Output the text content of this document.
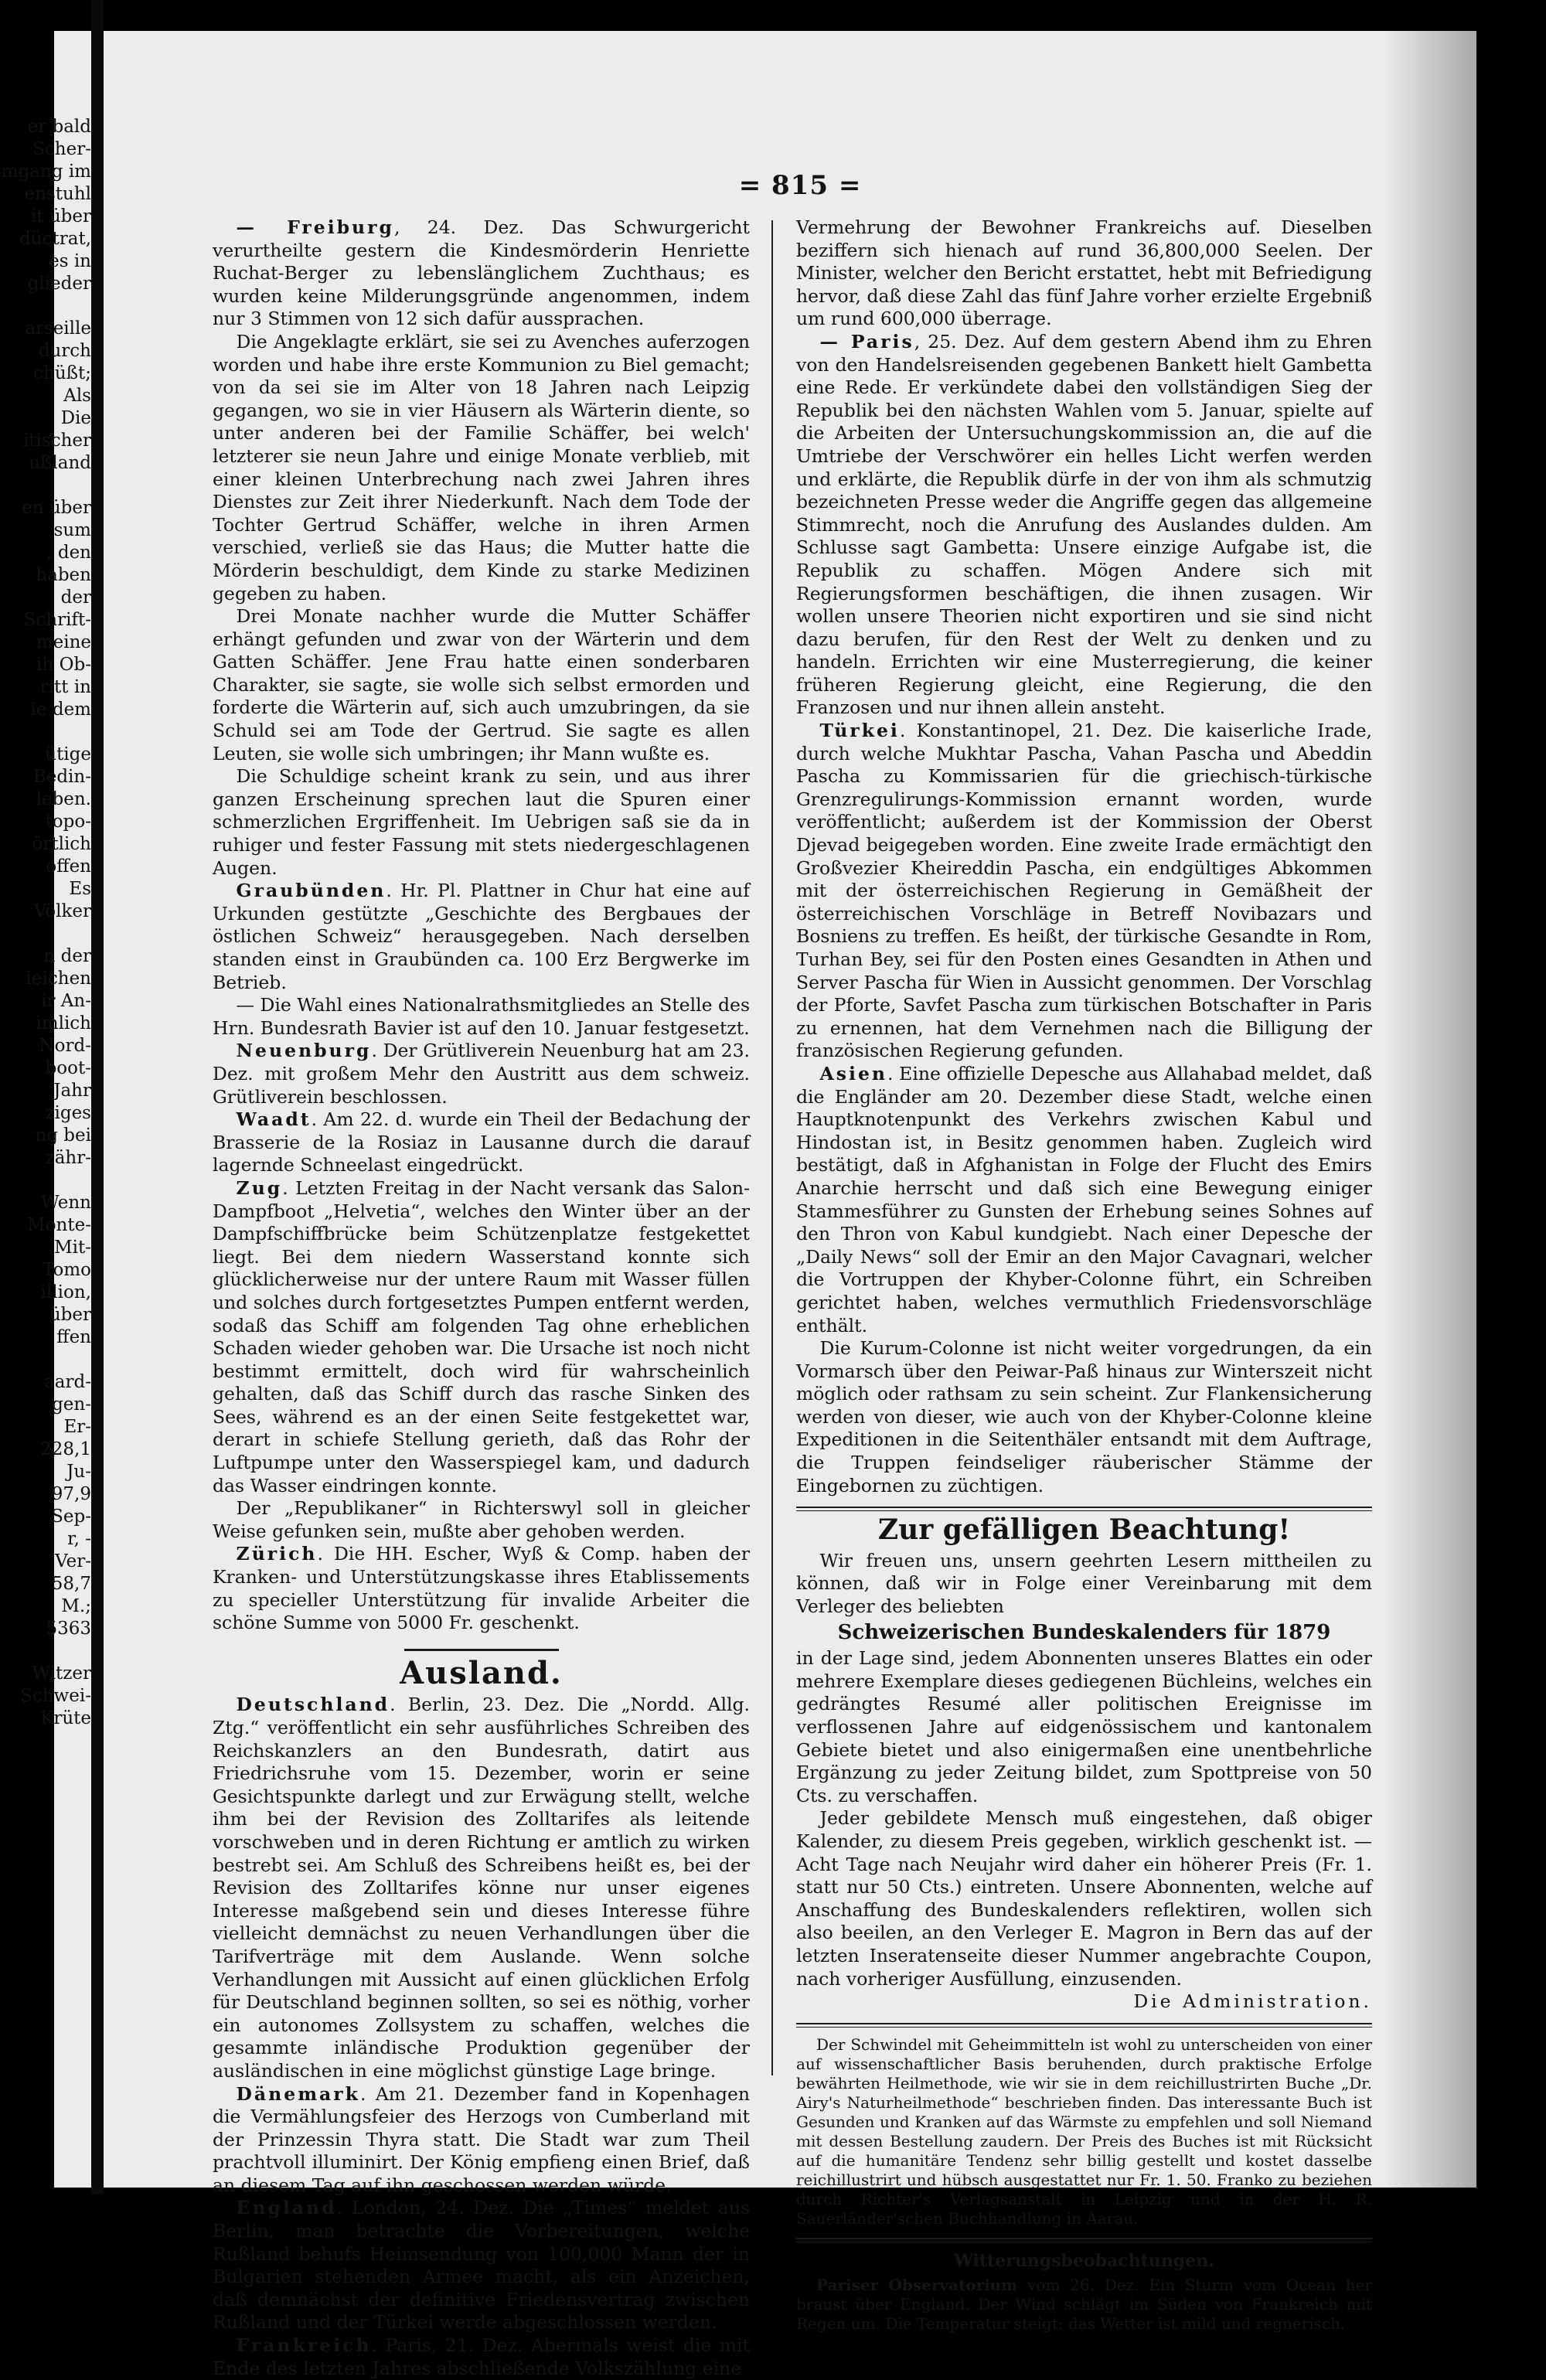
= 815 =

— Freiburg, 24. Dez. Das Schwurgericht verurtheilte gestern die Kindesmörderin Henriette Ruchat-Berger zu lebenslänglichem Zuchthaus; es wurden keine Milderungsgründe angenommen, indem nur 3 Stimmen von 12 sich dafür aussprachen.

Die Angeklagte erklärt, sie sei zu Avenches auferzogen worden und habe ihre erste Kommunion zu Biel gemacht; von da sei sie im Alter von 18 Jahren nach Leipzig gegangen, wo sie in vier Häusern als Wärterin diente, so unter anderen bei der Familie Schäffer, bei welch' letzterer sie neun Jahre und einige Monate verblieb, mit einer kleinen Unterbrechung nach zwei Jahren ihres Dienstes zur Zeit ihrer Niederkunft. Nach dem Tode der Tochter Gertrud Schäffer, welche in ihren Armen verschied, verließ sie das Haus; die Mutter hatte die Mörderin beschuldigt, dem Kinde zu starke Medizinen gegeben zu haben.

Drei Monate nachher wurde die Mutter Schäffer erhängt gefunden und zwar von der Wärterin und dem Gatten Schäffer. Jene Frau hatte einen sonderbaren Charakter, sie sagte, sie wolle sich selbst ermorden und forderte die Wärterin auf, sich auch umzubringen, da sie Schuld sei am Tode der Gertrud. Sie sagte es allen Leuten, sie wolle sich umbringen; ihr Mann wußte es.

Die Schuldige scheint krank zu sein, und aus ihrer ganzen Erscheinung sprechen laut die Spuren einer schmerzlichen Ergriffenheit. Im Uebrigen saß sie da in ruhiger und fester Fassung mit stets niedergeschlagenen Augen.

Graubünden. Hr. Pl. Plattner in Chur hat eine auf Urkunden gestützte „Geschichte des Bergbaues der östlichen Schweiz“ herausgegeben. Nach derselben standen einst in Graubünden ca. 100 Erz Bergwerke im Betrieb.

— Die Wahl eines Nationalrathsmitgliedes an Stelle des Hrn. Bundesrath Bavier ist auf den 10. Januar festgesetzt.

Neuenburg. Der Grütliverein Neuenburg hat am 23. Dez. mit großem Mehr den Austritt aus dem schweiz. Grütliverein beschlossen.

Waadt. Am 22. d. wurde ein Theil der Bedachung der Brasserie de la Rosiaz in Lausanne durch die darauf lagernde Schneelast eingedrückt.

Zug. Letzten Freitag in der Nacht versank das Salon-Dampfboot „Helvetia“, welches den Winter über an der Dampfschiffbrücke beim Schützenplatze festgekettet liegt. Bei dem niedern Wasserstand konnte sich glücklicherweise nur der untere Raum mit Wasser füllen und solches durch fortgesetztes Pumpen entfernt werden, sodaß das Schiff am folgenden Tag ohne erheblichen Schaden wieder gehoben war. Die Ursache ist noch nicht bestimmt ermittelt, doch wird für wahrscheinlich gehalten, daß das Schiff durch das rasche Sinken des Sees, während es an der einen Seite festgekettet war, derart in schiefe Stellung gerieth, daß das Rohr der Luftpumpe unter den Wasserspiegel kam, und dadurch das Wasser eindringen konnte.

Der „Republikaner“ in Richterswyl soll in gleicher Weise gefunken sein, mußte aber gehoben werden.

Zürich. Die HH. Escher, Wyß & Comp. haben der Kranken- und Unterstützungskasse ihres Etablissements zu specieller Unterstützung für invalide Arbeiter die schöne Summe von 5000 Fr. geschenkt.

Ausland.

Deutschland. Berlin, 23. Dez. Die „Nordd. Allg. Ztg.“ veröffentlicht ein sehr ausführliches Schreiben des Reichskanzlers an den Bundesrath, datirt aus Friedrichsruhe vom 15. Dezember, worin er seine Gesichtspunkte darlegt und zur Erwägung stellt, welche ihm bei der Revision des Zolltarifes als leitende vorschweben und in deren Richtung er amtlich zu wirken bestrebt sei. Am Schluß des Schreibens heißt es, bei der Revision des Zolltarifes könne nur unser eigenes Interesse maßgebend sein und dieses Interesse führe vielleicht demnächst zu neuen Verhandlungen über die Tarifverträge mit dem Auslande. Wenn solche Verhandlungen mit Aussicht auf einen glücklichen Erfolg für Deutschland beginnen sollten, so sei es nöthig, vorher ein autonomes Zollsystem zu schaffen, welches die gesammte inländische Produktion gegenüber der ausländischen in eine möglichst günstige Lage bringe.

Dänemark. Am 21. Dezember fand in Kopenhagen die Vermählungsfeier des Herzogs von Cumberland mit der Prinzessin Thyra statt. Die Stadt war zum Theil prachtvoll illuminirt. Der König empfieng einen Brief, daß an diesem Tag auf ihn geschossen werden würde.

England. London, 24. Dez. Die „Times“ meldet aus Berlin, man betrachte die Vorbereitungen, welche Rußland behufs Heimsendung von 100,000 Mann der in Bulgarien stehenden Armee macht, als ein Anzeichen, daß demnächst der definitive Friedensvertrag zwischen Rußland und der Türkei werde abgeschlossen werden.

Frankreich. Paris, 21. Dez. Abermals weist die mit Ende des letzten Jahres abschließende Volkszählung eine

Vermehrung der Bewohner Frankreichs auf. Dieselben beziffern sich hienach auf rund 36,800,000 Seelen. Der Minister, welcher den Bericht erstattet, hebt mit Befriedigung hervor, daß diese Zahl das fünf Jahre vorher erzielte Ergebniß um rund 600,000 überrage.

— Paris, 25. Dez. Auf dem gestern Abend ihm zu Ehren von den Handelsreisenden gegebenen Bankett hielt Gambetta eine Rede. Er verkündete dabei den vollständigen Sieg der Republik bei den nächsten Wahlen vom 5. Januar, spielte auf die Arbeiten der Untersuchungskommission an, die auf die Umtriebe der Verschwörer ein helles Licht werfen werden und erklärte, die Republik dürfe in der von ihm als schmutzig bezeichneten Presse weder die Angriffe gegen das allgemeine Stimmrecht, noch die Anrufung des Auslandes dulden. Am Schlusse sagt Gambetta: Unsere einzige Aufgabe ist, die Republik zu schaffen. Mögen Andere sich mit Regierungsformen beschäftigen, die ihnen zusagen. Wir wollen unsere Theorien nicht exportiren und sie sind nicht dazu berufen, für den Rest der Welt zu denken und zu handeln. Errichten wir eine Musterregierung, die keiner früheren Regierung gleicht, eine Regierung, die den Franzosen und nur ihnen allein ansteht.

Türkei. Konstantinopel, 21. Dez. Die kaiserliche Irade, durch welche Mukhtar Pascha, Vahan Pascha und Abeddin Pascha zu Kommissarien für die griechisch-türkische Grenzregulirungs-Kommission ernannt worden, wurde veröffentlicht; außerdem ist der Kommission der Oberst Djevad beigegeben worden. Eine zweite Irade ermächtigt den Großvezier Kheireddin Pascha, ein endgültiges Abkommen mit der österreichischen Regierung in Gemäßheit der österreichischen Vorschläge in Betreff Novibazars und Bosniens zu treffen. Es heißt, der türkische Gesandte in Rom, Turhan Bey, sei für den Posten eines Gesandten in Athen und Server Pascha für Wien in Aussicht genommen. Der Vorschlag der Pforte, Savfet Pascha zum türkischen Botschafter in Paris zu ernennen, hat dem Vernehmen nach die Billigung der französischen Regierung gefunden.

Asien. Eine offizielle Depesche aus Allahabad meldet, daß die Engländer am 20. Dezember diese Stadt, welche einen Hauptknotenpunkt des Verkehrs zwischen Kabul und Hindostan ist, in Besitz genommen haben. Zugleich wird bestätigt, daß in Afghanistan in Folge der Flucht des Emirs Anarchie herrscht und daß sich eine Bewegung einiger Stammesführer zu Gunsten der Erhebung seines Sohnes auf den Thron von Kabul kundgiebt. Nach einer Depesche der „Daily News“ soll der Emir an den Major Cavagnari, welcher die Vortruppen der Khyber-Colonne führt, ein Schreiben gerichtet haben, welches vermuthlich Friedensvorschläge enthält.

Die Kurum-Colonne ist nicht weiter vorgedrungen, da ein Vormarsch über den Peiwar-Paß hinaus zur Winterszeit nicht möglich oder rathsam zu sein scheint. Zur Flankensicherung werden von dieser, wie auch von der Khyber-Colonne kleine Expeditionen in die Seitenthäler entsandt mit dem Auftrage, die Truppen feindseliger räuberischer Stämme der Eingebornen zu züchtigen.

Zur gefälligen Beachtung!

Wir freuen uns, unsern geehrten Lesern mittheilen zu können, daß wir in Folge einer Vereinbarung mit dem Verleger des beliebten

Schweizerischen Bundeskalenders für 1879

in der Lage sind, jedem Abonnenten unseres Blattes ein oder mehrere Exemplare dieses gediegenen Büchleins, welches ein gedrängtes Resumé aller politischen Ereignisse im verflossenen Jahre auf eidgenössischem und kantonalem Gebiete bietet und also einigermaßen eine unentbehrliche Ergänzung zu jeder Zeitung bildet, zum Spottpreise von 50 Cts. zu verschaffen.

Jeder gebildete Mensch muß eingestehen, daß obiger Kalender, zu diesem Preis gegeben, wirklich geschenkt ist. — Acht Tage nach Neujahr wird daher ein höherer Preis (Fr. 1. statt nur 50 Cts.) eintreten. Unsere Abonnenten, welche auf Anschaffung des Bundeskalenders reflektiren, wollen sich also beeilen, an den Verleger E. Magron in Bern das auf der letzten Inseratenseite dieser Nummer angebrachte Coupon, nach vorheriger Ausfüllung, einzusenden.

Die Administration.

Der Schwindel mit Geheimmitteln ist wohl zu unterscheiden von einer auf wissenschaftlicher Basis beruhenden, durch praktische Erfolge bewährten Heilmethode, wie wir sie in dem reichillustrirten Buche „Dr. Airy's Naturheilmethode“ beschrieben finden. Das interessante Buch ist Gesunden und Kranken auf das Wärmste zu empfehlen und soll Niemand mit dessen Bestellung zaudern. Der Preis des Buches ist mit Rücksicht auf die humanitäre Tendenz sehr billig gestellt und kostet dasselbe reichillustrirt und hübsch ausgestattet nur Fr. 1. 50. Franko zu beziehen durch Richter's Verlagsanstalt in Leipzig und in der H. R. Sauerländer'schen Buchhandlung in Aarau.

Witterungsbeobachtungen.

Pariser Observatorium vom 26. Dez. Ein Sturm vom Ocean her braust über England. Der Wind schlägt im Süden von Frankreich mit Regen um. Die Temperatur steigt; das Wetter ist mild und regnerisch.

er bald
Scher-
mgang im
enstuhl
it über
düctrat,
es in
glieder

arseille
durch
chüßt;
Als
Die
itischer
ußland

en über
sum
, den
haben
der
Schrift-
meine
ih Ob-
ritt in
ie dem

ütige
Bedin-
leben.
topo-
örtlich
offen
Es
Völker

n der
ieichen
ir An-
imlich
Nord-
boot-
Jahr
ziges
ng bei
zähr-

Wenn
Monte-
Mit-
Tomo
illion,
über
ffen

aard-
gen-
Er-
228,1
Ju-
97,9
Sep-
r, -
Ver-
58,7
M.;
5363

Witzer
Schwei-
Krüte
